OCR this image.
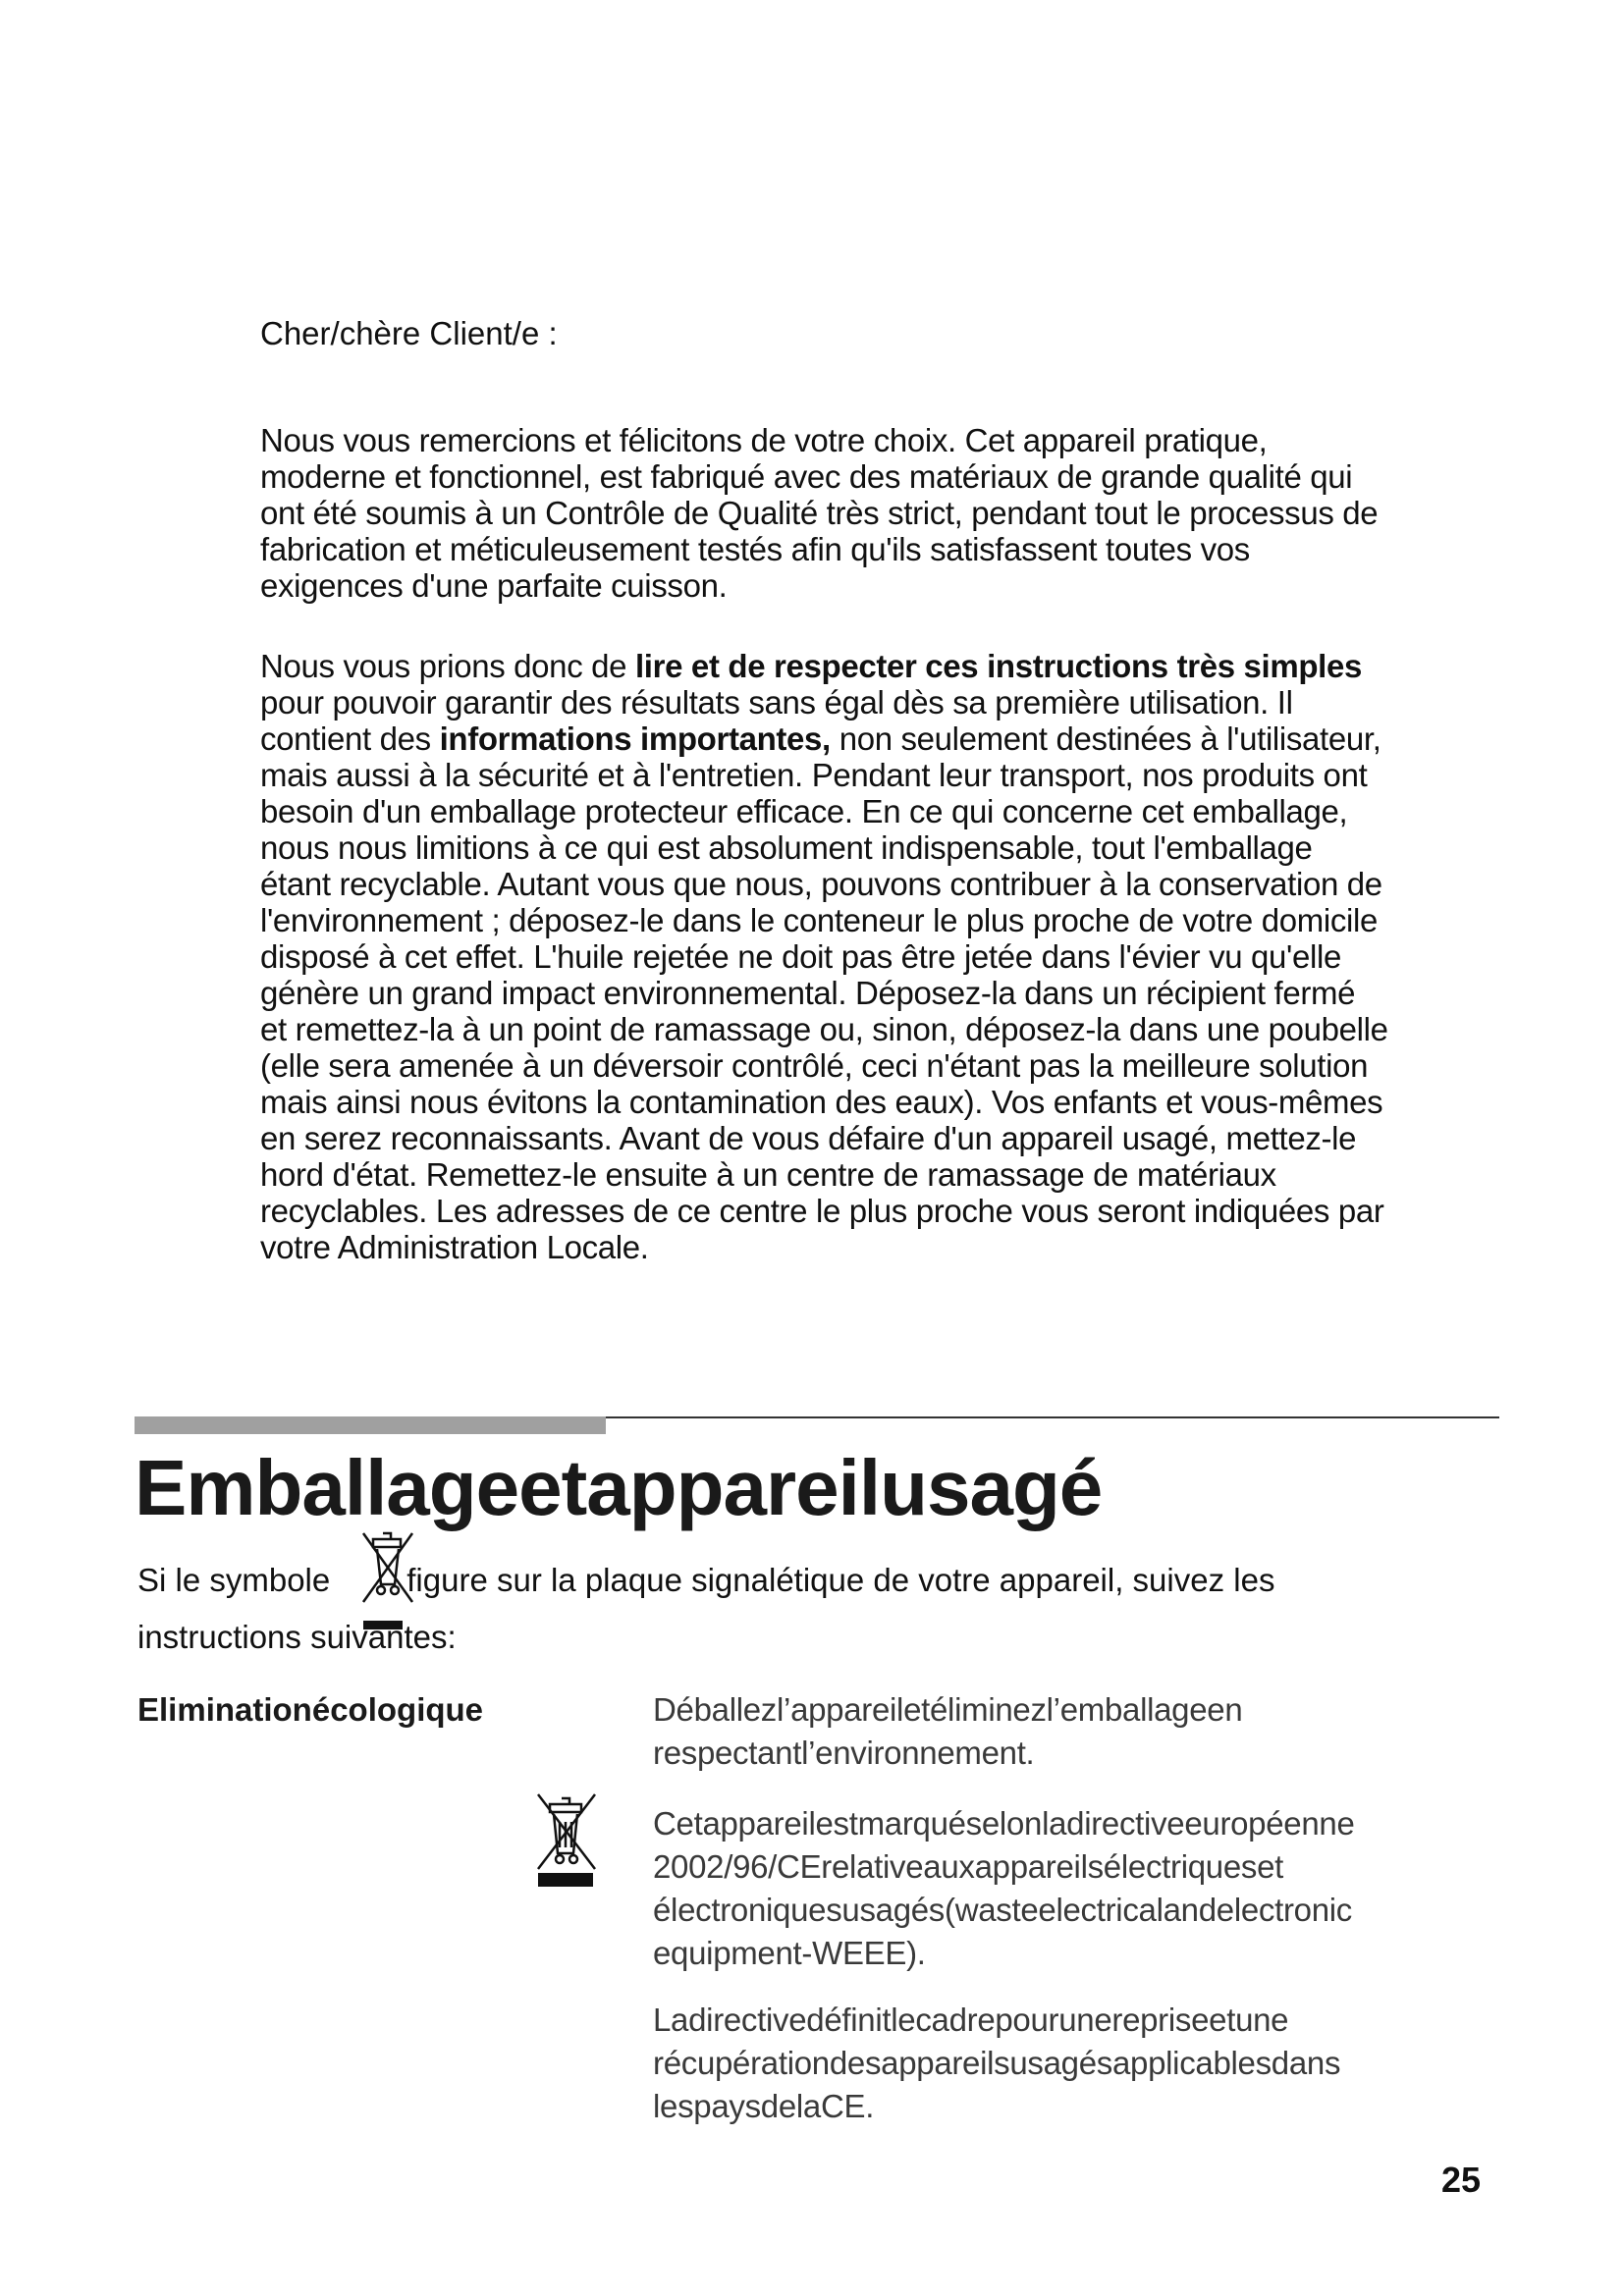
Cher/chère Client/e :
Nous vous remercions et félicitons de votre choix. Cet appareil pratique, moderne et fonctionnel, est fabriqué avec des matériaux de grande qualité qui ont été soumis à un Contrôle de Qualité très strict, pendant tout le processus de fabrication et méticuleusement testés afin qu'ils satisfassent toutes vos exigences d'une parfaite cuisson.
Nous vous prions donc de lire et de respecter ces instructions très simples pour pouvoir garantir des résultats sans égal dès sa première utilisation. Il contient des informations importantes, non seulement destinées à l'utilisateur, mais aussi à la sécurité et à l'entretien. Pendant leur transport, nos produits ont besoin d'un emballage protecteur efficace. En ce qui concerne cet emballage, nous nous limitions à ce qui est absolument indispensable, tout l'emballage étant recyclable. Autant vous que nous, pouvons contribuer à la conservation de l'environnement ; déposez-le dans le conteneur le plus proche de votre domicile disposé à cet effet. L'huile rejetée ne doit pas être jetée dans l'évier vu qu'elle génère un grand impact environnemental. Déposez-la dans un récipient fermé et remettez-la à un point de ramassage ou, sinon, déposez-la dans une poubelle (elle sera amenée à un déversoir contrôlé, ceci n'étant pas la meilleure solution mais ainsi nous évitons la contamination des eaux). Vos enfants et vous-mêmes en serez reconnaissants. Avant de vous défaire d'un appareil usagé, mettez-le hord d'état. Remettez-le ensuite à un centre de ramassage de matériaux recyclables. Les adresses de ce centre le plus proche vous seront indiquées par votre Administration Locale.
Emballageetappareilusagé
Si le symbole figure sur la plaque signalétique de votre appareil, suivez les
instructions suivantes:
Eliminationécologique	Déballezl’appareiletéliminezl’emballageen respectantl’environnement.
Cetappareilestmarquéselonladirectiveeuropéenne 2002/96/CErelativeauxappareilsélectriqueset électroniquesusagés(wasteelectricalandelectronic equipment-WEEE).
Ladirectivedéfinitlecadrepourunerepriseetune récupérationdesappareilsusagésapplicablesdans lespaysdelaCE.
25
